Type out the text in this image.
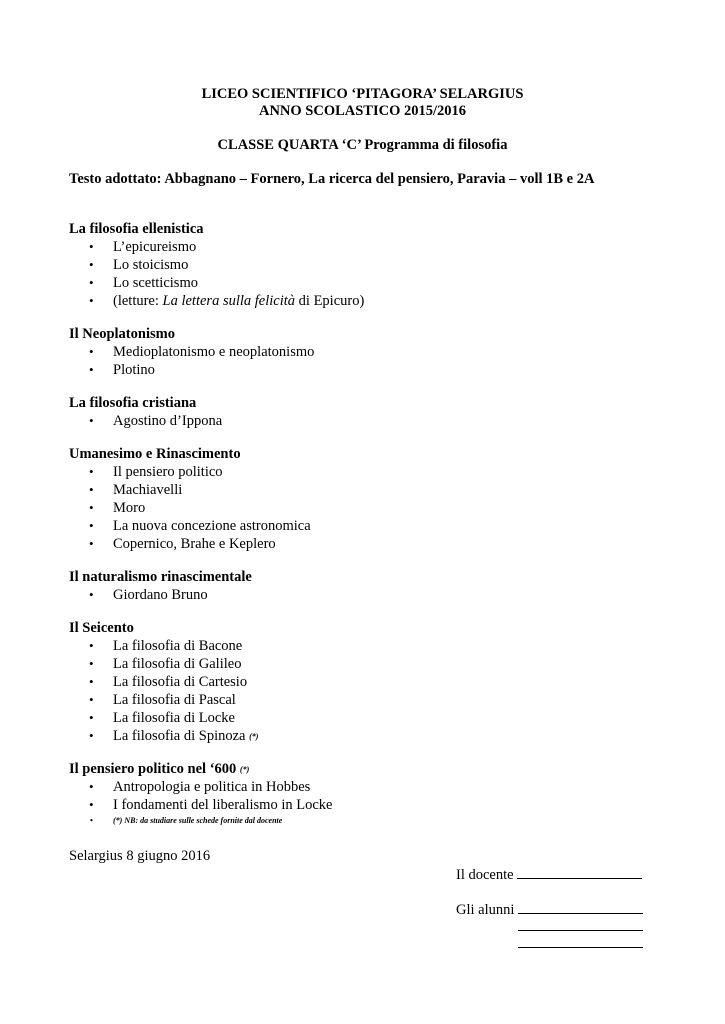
LICEO SCIENTIFICO ‘PITAGORA’ SELARGIUS
ANNO SCOLASTICO 2015/2016
CLASSE QUARTA ‘C’ Programma di filosofia
Testo adottato: Abbagnano – Fornero, La ricerca del pensiero, Paravia – voll 1B e 2A
La filosofia ellenistica
• L’epicureismo
• Lo stoicismo
• Lo scetticismo
• (letture: La lettera sulla felicità di Epicuro)
Il Neoplatonismo
• Medioplatonismo e neoplatonismo
• Plotino
La filosofia cristiana
• Agostino d’Ippona
Umanesimo e Rinascimento
• Il pensiero politico
• Machiavelli
• Moro
• La nuova concezione astronomica
• Copernico, Brahe e Keplero
Il naturalismo rinascimentale
• Giordano Bruno
Il Seicento
• La filosofia di Bacone
• La filosofia di Galileo
• La filosofia di Cartesio
• La filosofia di Pascal
• La filosofia di Locke
• La filosofia di Spinoza (*)
Il pensiero politico nel ‘600 (*)
• Antropologia e politica in Hobbes
• I fondamenti del liberalismo in Locke
•	(*) NB: da studiare sulle schede fornite dal docente
Selargius 8 giugno 2016
Il docente
Gli alunni
